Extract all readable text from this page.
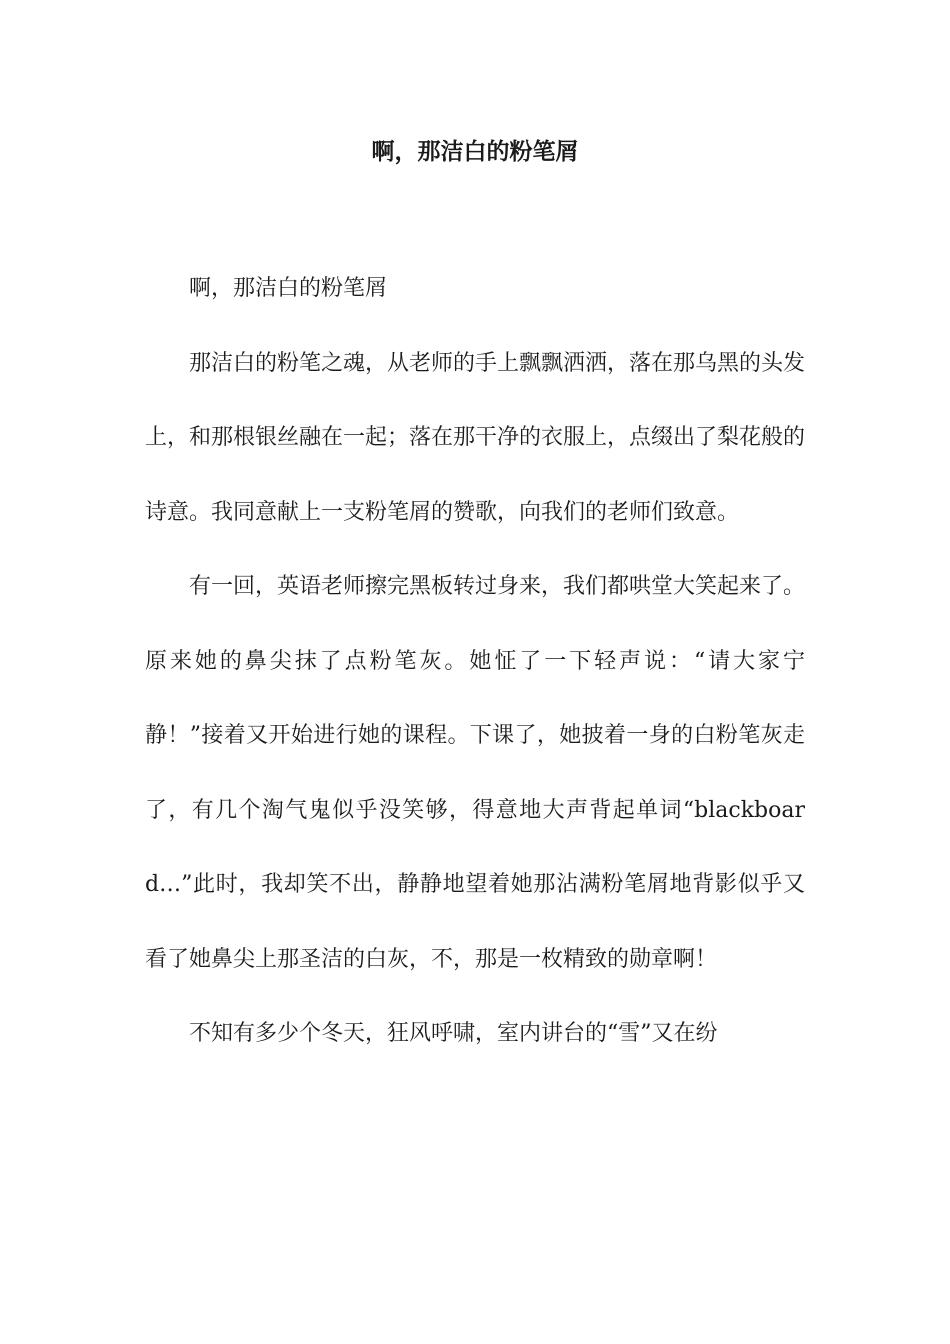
啊，那洁白的粉笔屑

啊，那洁白的粉笔屑

那洁白的粉笔之魂，从老师的手上飘飘洒洒，落在那乌黑的头发上，和那根银丝融在一起；落在那干净的衣服上，点缀出了梨花般的诗意。我同意献上一支粉笔屑的赞歌，向我们的老师们致意。

有一回，英语老师擦完黑板转过身来，我们都哄堂大笑起来了。原来她的鼻尖抹了点粉笔灰。她怔了一下轻声说：“请大家宁静！”接着又开始进行她的课程。下课了，她披着一身的白粉笔灰走了，有几个淘气鬼似乎没笑够，得意地大声背起单词“blackboard…”此时，我却笑不出，静静地望着她那沾满粉笔屑地背影似乎又看了她鼻尖上那圣洁的白灰，不，那是一枚精致的勋章啊！

不知有多少个冬天，狂风呼啸，室内讲台的“雪”又在纷
